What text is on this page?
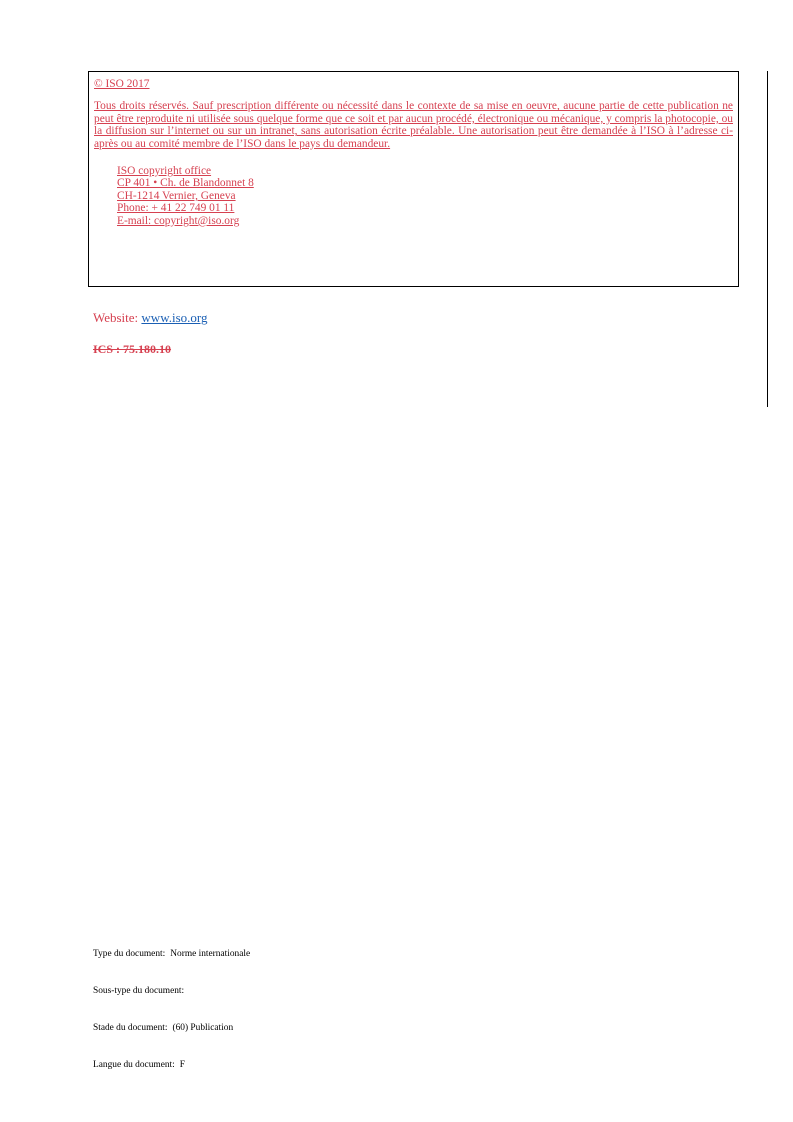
© ISO 2017

Tous droits réservés. Sauf prescription différente ou nécessité dans le contexte de sa mise en oeuvre, aucune partie de cette publication ne peut être reproduite ni utilisée sous quelque forme que ce soit et par aucun procédé, électronique ou mécanique, y compris la photocopie, ou la diffusion sur l’internet ou sur un intranet, sans autorisation écrite préalable. Une autorisation peut être demandée à l’ISO à l’adresse ci-après ou au comité membre de l’ISO dans le pays du demandeur.

ISO copyright office
CP 401 • Ch. de Blandonnet 8
CH-1214 Vernier, Geneva
Phone: + 41 22 749 01 11
E-mail: copyright@iso.org
Website: www.iso.org
ICS : 75.180.10
Type du document: Norme internationale
Sous-type du document:
Stade du document: (60) Publication
Langue du document: F
